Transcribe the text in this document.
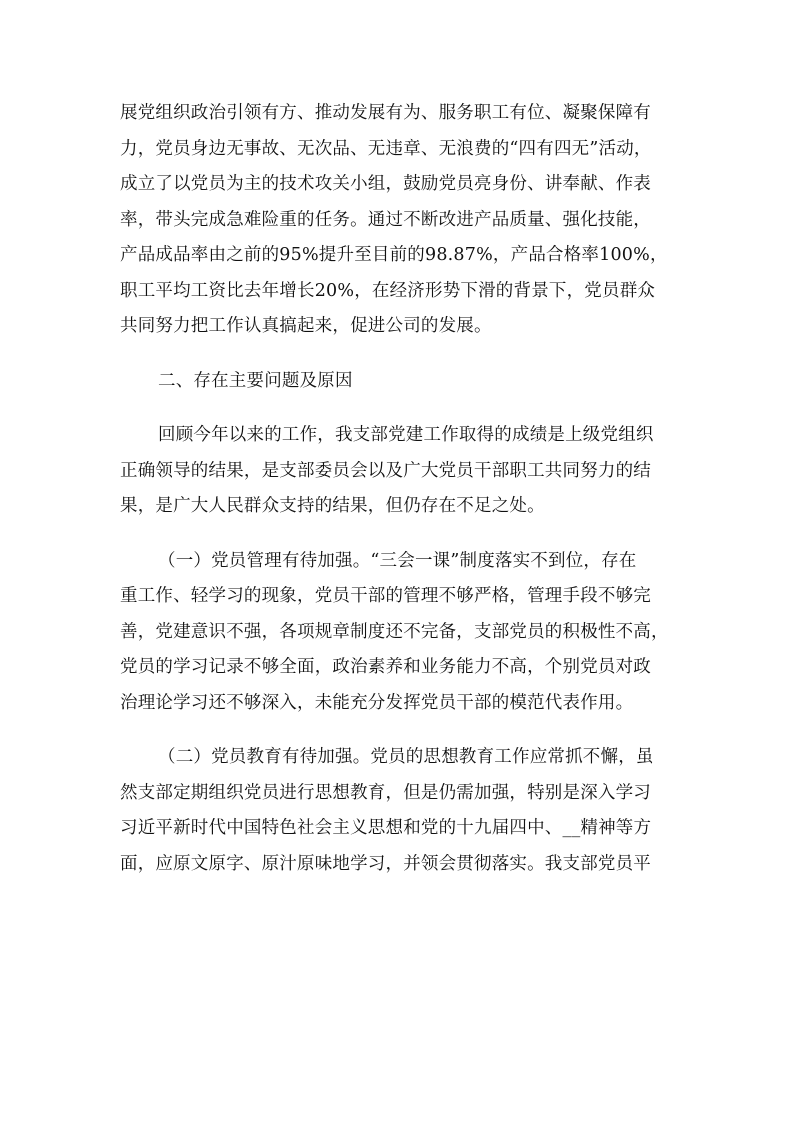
展党组织政治引领有方、推动发展有为、服务职工有位、凝聚保障有
力，党员身边无事故、无次品、无违章、无浪费的“四有四无”活动，
成立了以党员为主的技术攻关小组，鼓励党员亮身份、讲奉献、作表
率，带头完成急难险重的任务。通过不断改进产品质量、强化技能，
产品成品率由之前的95%提升至目前的98.87%，产品合格率100%，
职工平均工资比去年增长20%，在经济形势下滑的背景下，党员群众
共同努力把工作认真搞起来，促进公司的发展。
二、存在主要问题及原因
回顾今年以来的工作，我支部党建工作取得的成绩是上级党组织
正确领导的结果，是支部委员会以及广大党员干部职工共同努力的结
果，是广大人民群众支持的结果，但仍存在不足之处。
（一）党员管理有待加强。“三会一课”制度落实不到位，存在
重工作、轻学习的现象，党员干部的管理不够严格，管理手段不够完
善，党建意识不强，各项规章制度还不完备，支部党员的积极性不高，
党员的学习记录不够全面，政治素养和业务能力不高，个别党员对政
治理论学习还不够深入，未能充分发挥党员干部的模范代表作用。
（二）党员教育有待加强。党员的思想教育工作应常抓不懈，虽
然支部定期组织党员进行思想教育，但是仍需加强，特别是深入学习
习近平新时代中国特色社会主义思想和党的十九届四中、__精神等方
面，应原文原字、原汁原味地学习，并领会贯彻落实。我支部党员平
